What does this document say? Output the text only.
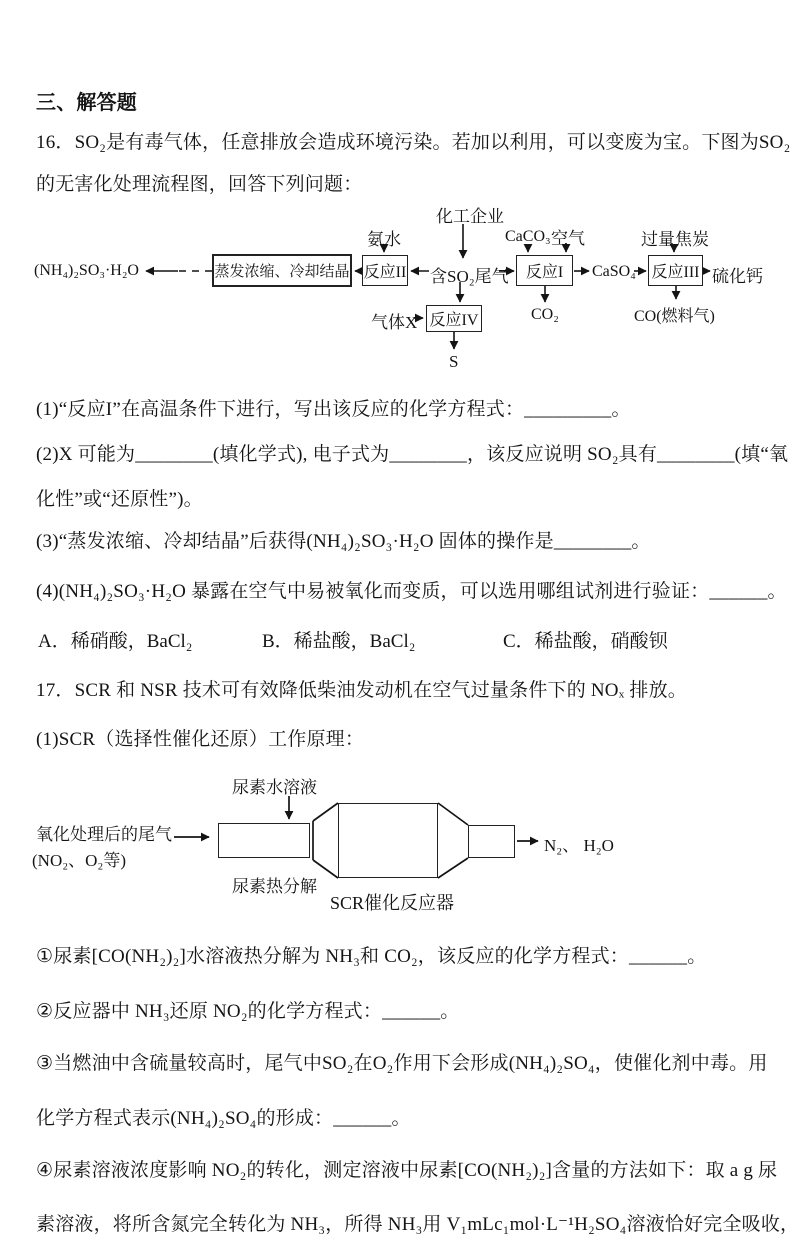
三、解答题
16．SO₂是有毒气体，任意排放会造成环境污染。若加以利用，可以变废为宝。下图为SO₂
的无害化处理流程图，回答下列问题：
蒸发浓缩、冷却结晶 反应II	反应I	反应III
反应IV
化工企业
氨水	CaCO₃ 空气	过量焦炭
(NH₄)₂SO₃·H₂O	含SO₂尾气	CaSO₄	硫化钙
CO₂	CO(燃料气)
气体X
S
(1)“反应I”在高温条件下进行，写出该反应的化学方程式：_________。
(2)X 可能为________(填化学式), 电子式为________，该反应说明 SO₂具有________(填“氧
化性”或“还原性”)。
(3)“蒸发浓缩、冷却结晶”后获得(NH₄)₂SO₃·H₂O 固体的操作是________。
(4)(NH₄)₂SO₃·H₂O 暴露在空气中易被氧化而变质，可以选用哪组试剂进行验证：______。
A．稀硝酸，BaCl₂	B．稀盐酸，BaCl₂	C．稀盐酸，硝酸钡
17．SCR 和 NSR 技术可有效降低柴油发动机在空气过量条件下的 NOₓ 排放。
(1)SCR（选择性催化还原）工作原理：
尿素水溶液
氧化处理后的尾气
(NO₂、O₂等)
尿素热分解
N₂、 H₂O
SCR催化反应器
①尿素[CO(NH₂)₂]水溶液热分解为 NH₃和 CO₂，该反应的化学方程式：______。
②反应器中 NH₃还原 NO₂的化学方程式：______。
③当燃油中含硫量较高时，尾气中SO₂在O₂作用下会形成(NH₄)₂SO₄，使催化剂中毒。用
化学方程式表示(NH₄)₂SO₄的形成：______。
④尿素溶液浓度影响 NO₂的转化，测定溶液中尿素[CO(NH₂)₂]含量的方法如下：取 a g 尿
素溶液，将所含氮完全转化为 NH₃，所得 NH₃用 V₁mLc₁mol·L⁻¹H₂SO₄溶液恰好完全吸收，
